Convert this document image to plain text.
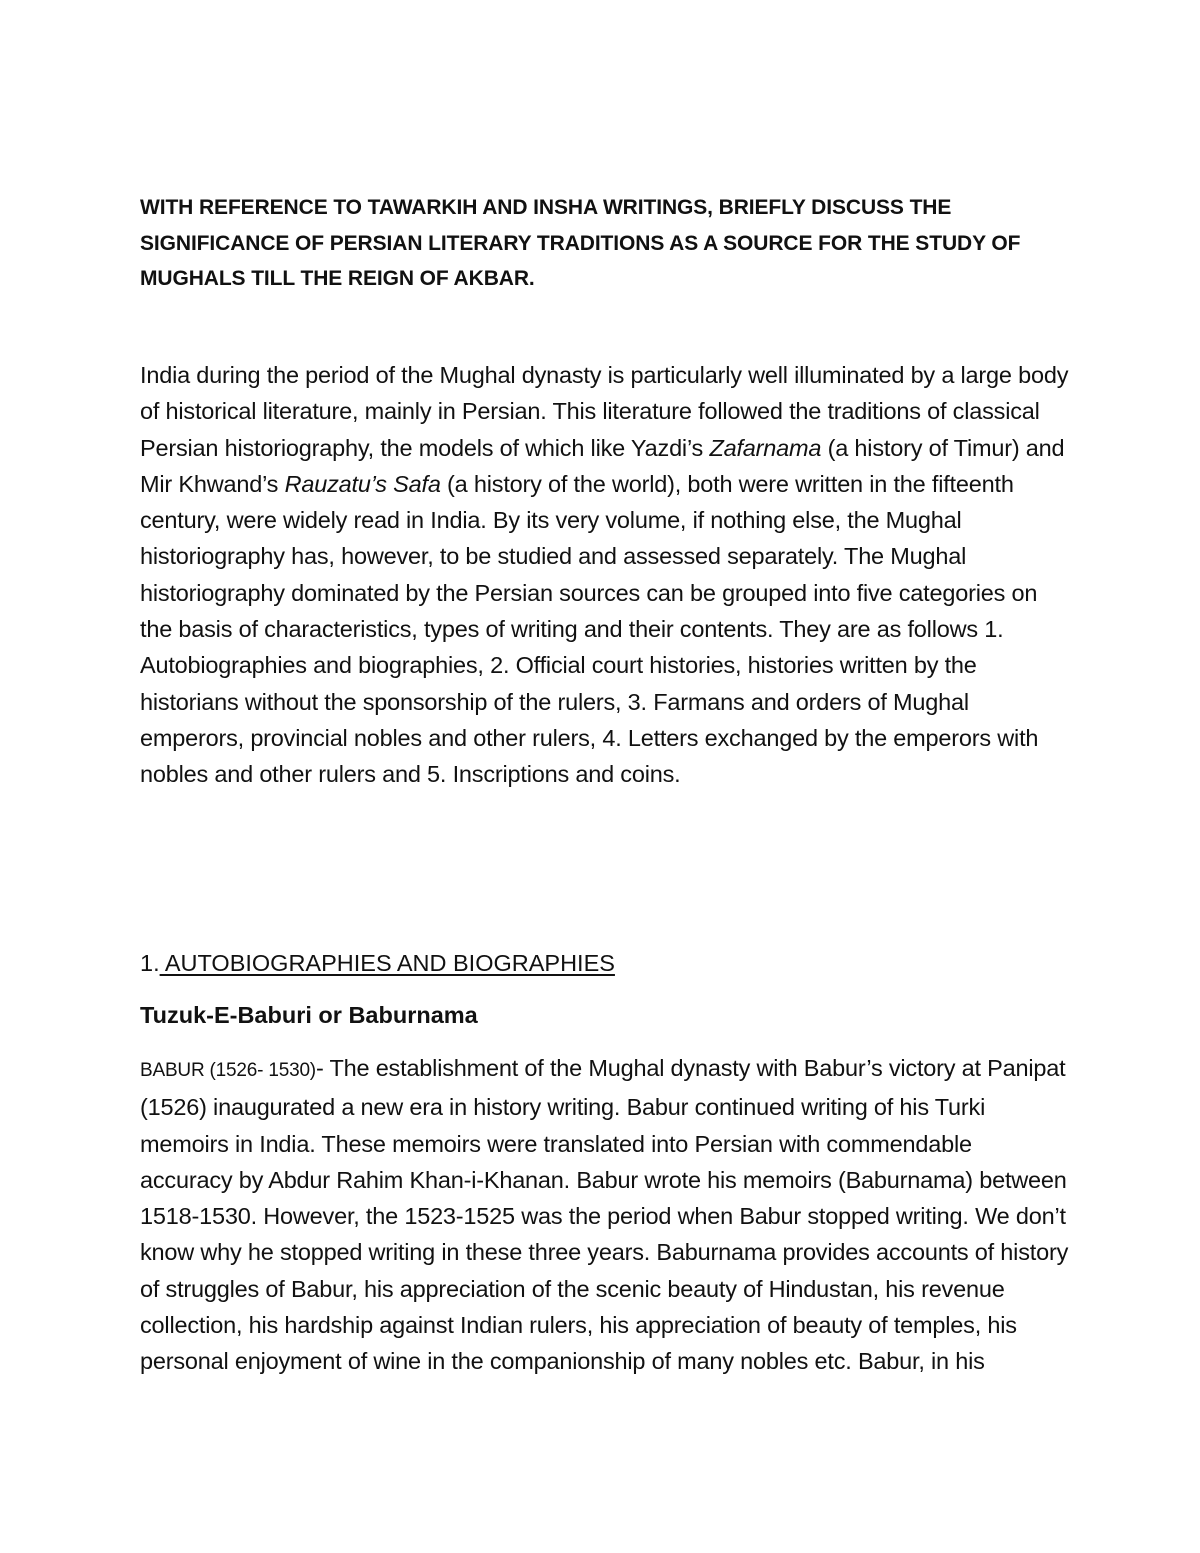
WITH REFERENCE TO TAWARKIH AND INSHA WRITINGS, BRIEFLY DISCUSS THE SIGNIFICANCE OF PERSIAN LITERARY TRADITIONS AS A SOURCE FOR THE STUDY OF MUGHALS TILL THE REIGN OF AKBAR.

India during the period of the Mughal dynasty is particularly well illuminated by a large body of historical literature, mainly in Persian. This literature followed the traditions of classical Persian historiography, the models of which like Yazdi’s Zafarnama (a history of Timur) and Mir Khwand’s Rauzatu’s Safa (a history of the world), both were written in the fifteenth century, were widely read in India. By its very volume, if nothing else, the Mughal historiography has, however, to be studied and assessed separately. The Mughal historiography dominated by the Persian sources can be grouped into five categories on the basis of characteristics, types of writing and their contents. They are as follows 1. Autobiographies and biographies, 2. Official court histories, histories written by the historians without the sponsorship of the rulers, 3. Farmans and orders of Mughal emperors, provincial nobles and other rulers, 4. Letters exchanged by the emperors with nobles and other rulers and 5. Inscriptions and coins.

1. AUTOBIOGRAPHIES AND BIOGRAPHIES
Tuzuk-E-Baburi or Baburnama

BABUR (1526- 1530)- The establishment of the Mughal dynasty with Babur’s victory at Panipat (1526) inaugurated a new era in history writing. Babur continued writing of his Turki memoirs in India. These memoirs were translated into Persian with commendable accuracy by Abdur Rahim Khan-i-Khanan. Babur wrote his memoirs (Baburnama) between 1518-1530. However, the 1523-1525 was the period when Babur stopped writing. We don’t know why he stopped writing in these three years. Baburnama provides accounts of history of struggles of Babur, his appreciation of the scenic beauty of Hindustan, his revenue collection, his hardship against Indian rulers, his appreciation of beauty of temples, his personal enjoyment of wine in the companionship of many nobles etc. Babur, in his
